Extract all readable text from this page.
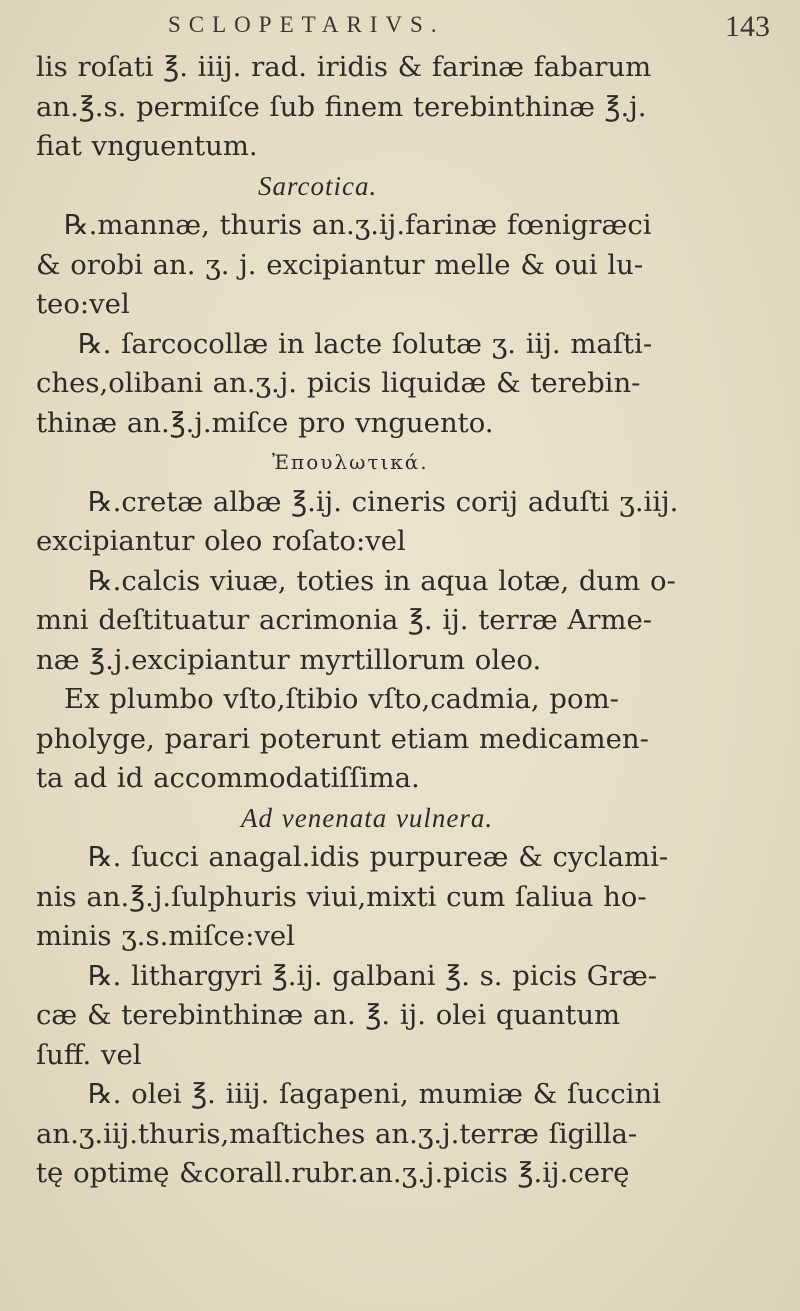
SCLOPETARIVS.	143
lis roſati ℥. iiij. rad. iridis & farinæ fabarum
an.℥.s. permiſce ſub finem terebinthinæ ℥.j.
fiat vnguentum.
Sarcotica.
℞.mannæ, thuris an.ʒ.ij.farinæ fœnigræci
& orobi an. ʒ. j. excipiantur melle & oui lu-
teo:vel
℞. ſarcocollæ in lacte ſolutæ ʒ. iij. maſti-
ches,olibani an.ʒ.j. picis liquidæ & terebin-
thinæ an.℥.j.miſce pro vnguento.
Ἐπουλωτικά.
℞.cretæ albæ ℥.ij. cineris corij aduſti ʒ.iij.
excipiantur oleo roſato:vel
℞.calcis viuæ, toties in aqua lotæ, dum o-
mni deſtituatur acrimonia ℥. ij. terræ Arme-
næ ℥.j.excipiantur myrtillorum oleo.
Ex plumbo vſto,ſtibio vſto,cadmia, pom-
pholyge, parari poterunt etiam medicamen-
ta ad id accommodatiſſima.
Ad venenata vulnera.
℞. ſucci anagal.idis purpureæ & cyclami-
nis an.℥.j.ſulphuris viui,mixti cum ſaliua ho-
minis ʒ.s.miſce:vel
℞. lithargyri ℥.ij. galbani ℥. s. picis Græ-
cæ & terebinthinæ an. ℥. ij. olei quantum
ſuff. vel
℞. olei ℥. iiij. ſagapeni, mumiæ & ſuccini
an.ʒ.iij.thuris,maſtiches an.ʒ.j.terræ ſigilla-
tę optimę &corall.rubr.an.ʒ.j.picis ℥.ij.cerę
